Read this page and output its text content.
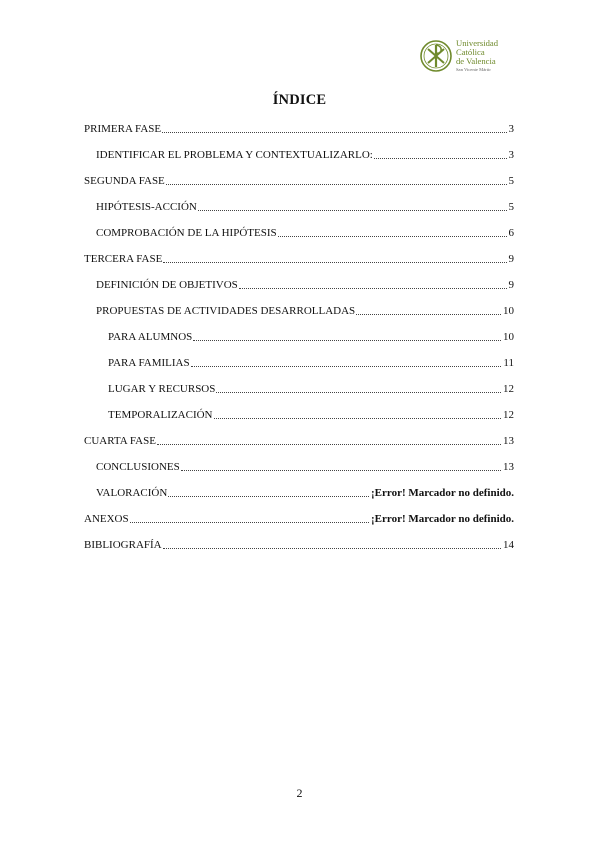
Universidad
Católica
de Valencia
San Vicente Mártir
ÍNDICE
PRIMERA FASE	3
IDENTIFICAR EL PROBLEMA Y CONTEXTUALIZARLO:	3
SEGUNDA FASE	5
HIPÓTESIS-ACCIÓN	5
COMPROBACIÓN DE LA HIPÓTESIS	6
TERCERA FASE	9
DEFINICIÓN DE OBJETIVOS	9
PROPUESTAS DE ACTIVIDADES DESARROLLADAS	10
PARA ALUMNOS	10
PARA FAMILIAS	11
LUGAR Y RECURSOS	12
TEMPORALIZACIÓN	12
CUARTA FASE	13
CONCLUSIONES	13
VALORACIÓN	¡Error! Marcador no definido.
ANEXOS	¡Error! Marcador no definido.
BIBLIOGRAFÍA	14
2
